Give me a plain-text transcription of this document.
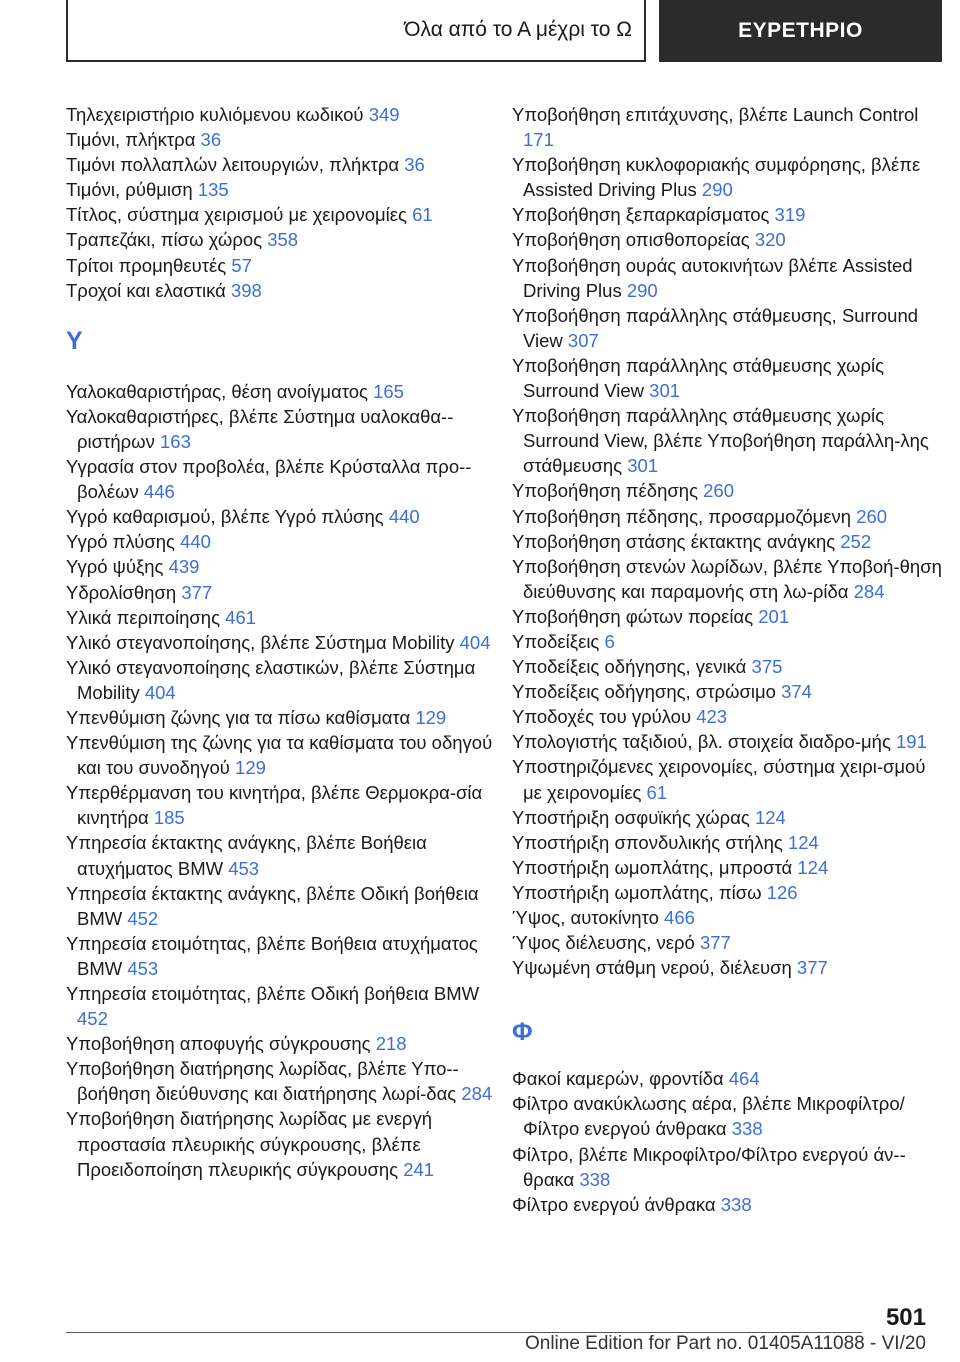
Όλα από το Α μέχρι το Ω	ΕΥΡΕΤΗΡΙΟ

Τηλεχειριστήριο κυλιόμενου κωδικού 349

Τιμόνι, πλήκτρα 36

Τιμόνι πολλαπλών λειτουργιών, πλήκτρα 36

Τιμόνι, ρύθμιση 135

Τίτλος, σύστημα χειρισμού με χειρονομίες 61

Τραπεζάκι, πίσω χώρος 358

Τρίτοι προμηθευτές 57

Τροχοί και ελαστικά 398

Y

Υαλοκαθαριστήρας, θέση ανοίγματος 165

Υαλοκαθαριστήρες, βλέπε Σύστημα υαλοκαθα-ριστήρων 163

Υγρασία στον προβολέα, βλέπε Κρύσταλλα προ-βολέων 446

Υγρό καθαρισμού, βλέπε Υγρό πλύσης 440

Υγρό πλύσης 440

Υγρό ψύξης 439

Υδρολίσθηση 377

Υλικά περιποίησης 461

Υλικό στεγανοποίησης, βλέπε Σύστημα Mobility 404

Υλικό στεγανοποίησης ελαστικών, βλέπε Σύστημα Mobility 404

Υπενθύμιση ζώνης για τα πίσω καθίσματα 129

Υπενθύμιση της ζώνης για τα καθίσματα του οδηγού και του συνοδηγού 129

Υπερθέρμανση του κινητήρα, βλέπε Θερμοκρα-σία κινητήρα 185

Υπηρεσία έκτακτης ανάγκης, βλέπε Βοήθεια ατυχήματος BMW 453

Υπηρεσία έκτακτης ανάγκης, βλέπε Οδική βοήθεια BMW 452

Υπηρεσία ετοιμότητας, βλέπε Βοήθεια ατυχήματος BMW 453

Υπηρεσία ετοιμότητας, βλέπε Οδική βοήθεια BMW 452

Υποβοήθηση αποφυγής σύγκρουσης 218

Υποβοήθηση διατήρησης λωρίδας, βλέπε Υπο-βοήθηση διεύθυνσης και διατήρησης λωρί-δας 284

Υποβοήθηση διατήρησης λωρίδας με ενεργή προστασία πλευρικής σύγκρουσης, βλέπε Προειδοποίηση πλευρικής σύγκρουσης 241

Υποβοήθηση επιτάχυνσης, βλέπε Launch Control 171

Υποβοήθηση κυκλοφοριακής συμφόρησης, βλέπε Assisted Driving Plus 290

Υποβοήθηση ξεπαρκαρίσματος 319

Υποβοήθηση οπισθοπορείας 320

Υποβοήθηση ουράς αυτοκινήτων βλέπε Assisted Driving Plus 290

Υποβοήθηση παράλληλης στάθμευσης, Surround View 307

Υποβοήθηση παράλληλης στάθμευσης χωρίς Surround View 301

Υποβοήθηση παράλληλης στάθμευσης χωρίς Surround View, βλέπε Υποβοήθηση παράλλη-λης στάθμευσης 301

Υποβοήθηση πέδησης 260

Υποβοήθηση πέδησης, προσαρμοζόμενη 260

Υποβοήθηση στάσης έκτακτης ανάγκης 252

Υποβοήθηση στενών λωρίδων, βλέπε Υποβοή-θηση διεύθυνσης και παραμονής στη λω-ρίδα 284

Υποβοήθηση φώτων πορείας 201

Υποδείξεις 6

Υποδείξεις οδήγησης, γενικά 375

Υποδείξεις οδήγησης, στρώσιμο 374

Υποδοχές του γρύλου 423

Υπολογιστής ταξιδιού, βλ. στοιχεία διαδρο-μής 191

Υποστηριζόμενες χειρονομίες, σύστημα χειρι-σμού με χειρονομίες 61

Υποστήριξη οσφυϊκής χώρας 124

Υποστήριξη σπονδυλικής στήλης 124

Υποστήριξη ωμοπλάτης, μπροστά 124

Υποστήριξη ωμοπλάτης, πίσω 126

Ύψος, αυτοκίνητο 466

Ύψος διέλευσης, νερό 377

Υψωμένη στάθμη νερού, διέλευση 377

Φ

Φακοί καμερών, φροντίδα 464

Φίλτρο ανακύκλωσης αέρα, βλέπε Μικροφίλτρο/Φίλτρο ενεργού άνθρακα 338

Φίλτρο, βλέπε Μικροφίλτρο/Φίλτρο ενεργού άν-θρακα 338

Φίλτρο ενεργού άνθρακα 338

501
Online Edition for Part no. 01405A11088 - VI/20
